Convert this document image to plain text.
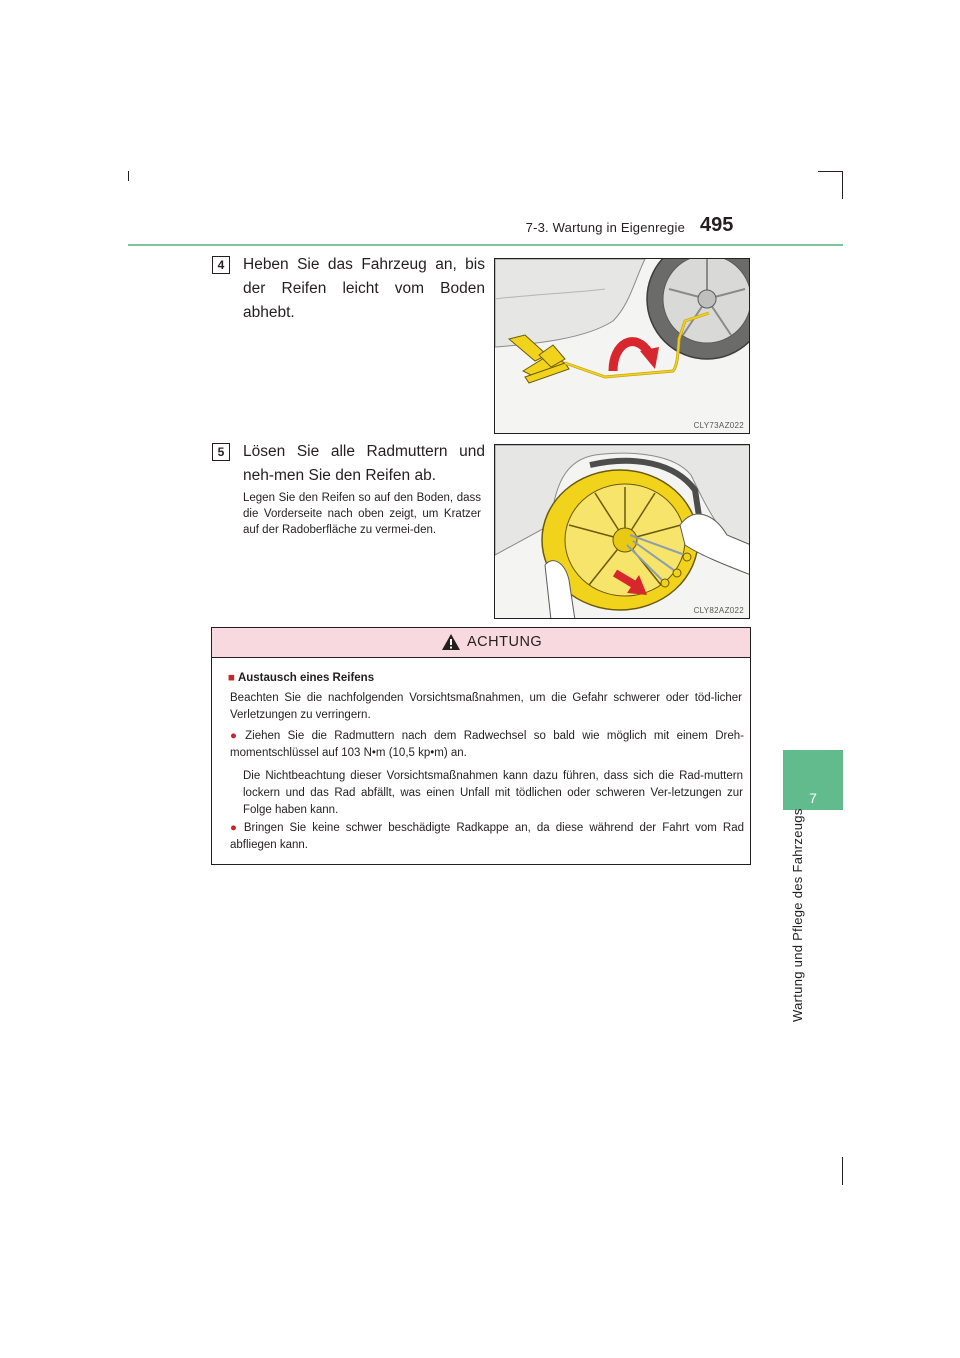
7-3. Wartung in Eigenregie 495
7
Wartung und Pflege des Fahrzeugs
4 Heben Sie das Fahrzeug an, bis der Reifen leicht vom Boden abhebt.
CLY73AZ022
5 Lösen Sie alle Radmuttern und neh-men Sie den Reifen ab.
Legen Sie den Reifen so auf den Boden, dass die Vorderseite nach oben zeigt, um Kratzer auf der Radoberfläche zu vermei-den.
CLY82AZ022
ACHTUNG
■ Austausch eines Reifens
Beachten Sie die nachfolgenden Vorsichtsmaßnahmen, um die Gefahr schwerer oder töd-licher Verletzungen zu verringern.
● Ziehen Sie die Radmuttern nach dem Radwechsel so bald wie möglich mit einem Dreh-momentschlüssel auf 103 N•m (10,5 kp•m) an.
Die Nichtbeachtung dieser Vorsichtsmaßnahmen kann dazu führen, dass sich die Rad-muttern lockern und das Rad abfällt, was einen Unfall mit tödlichen oder schweren Ver-letzungen zur Folge haben kann.
● Bringen Sie keine schwer beschädigte Radkappe an, da diese während der Fahrt vom Rad abfliegen kann.
